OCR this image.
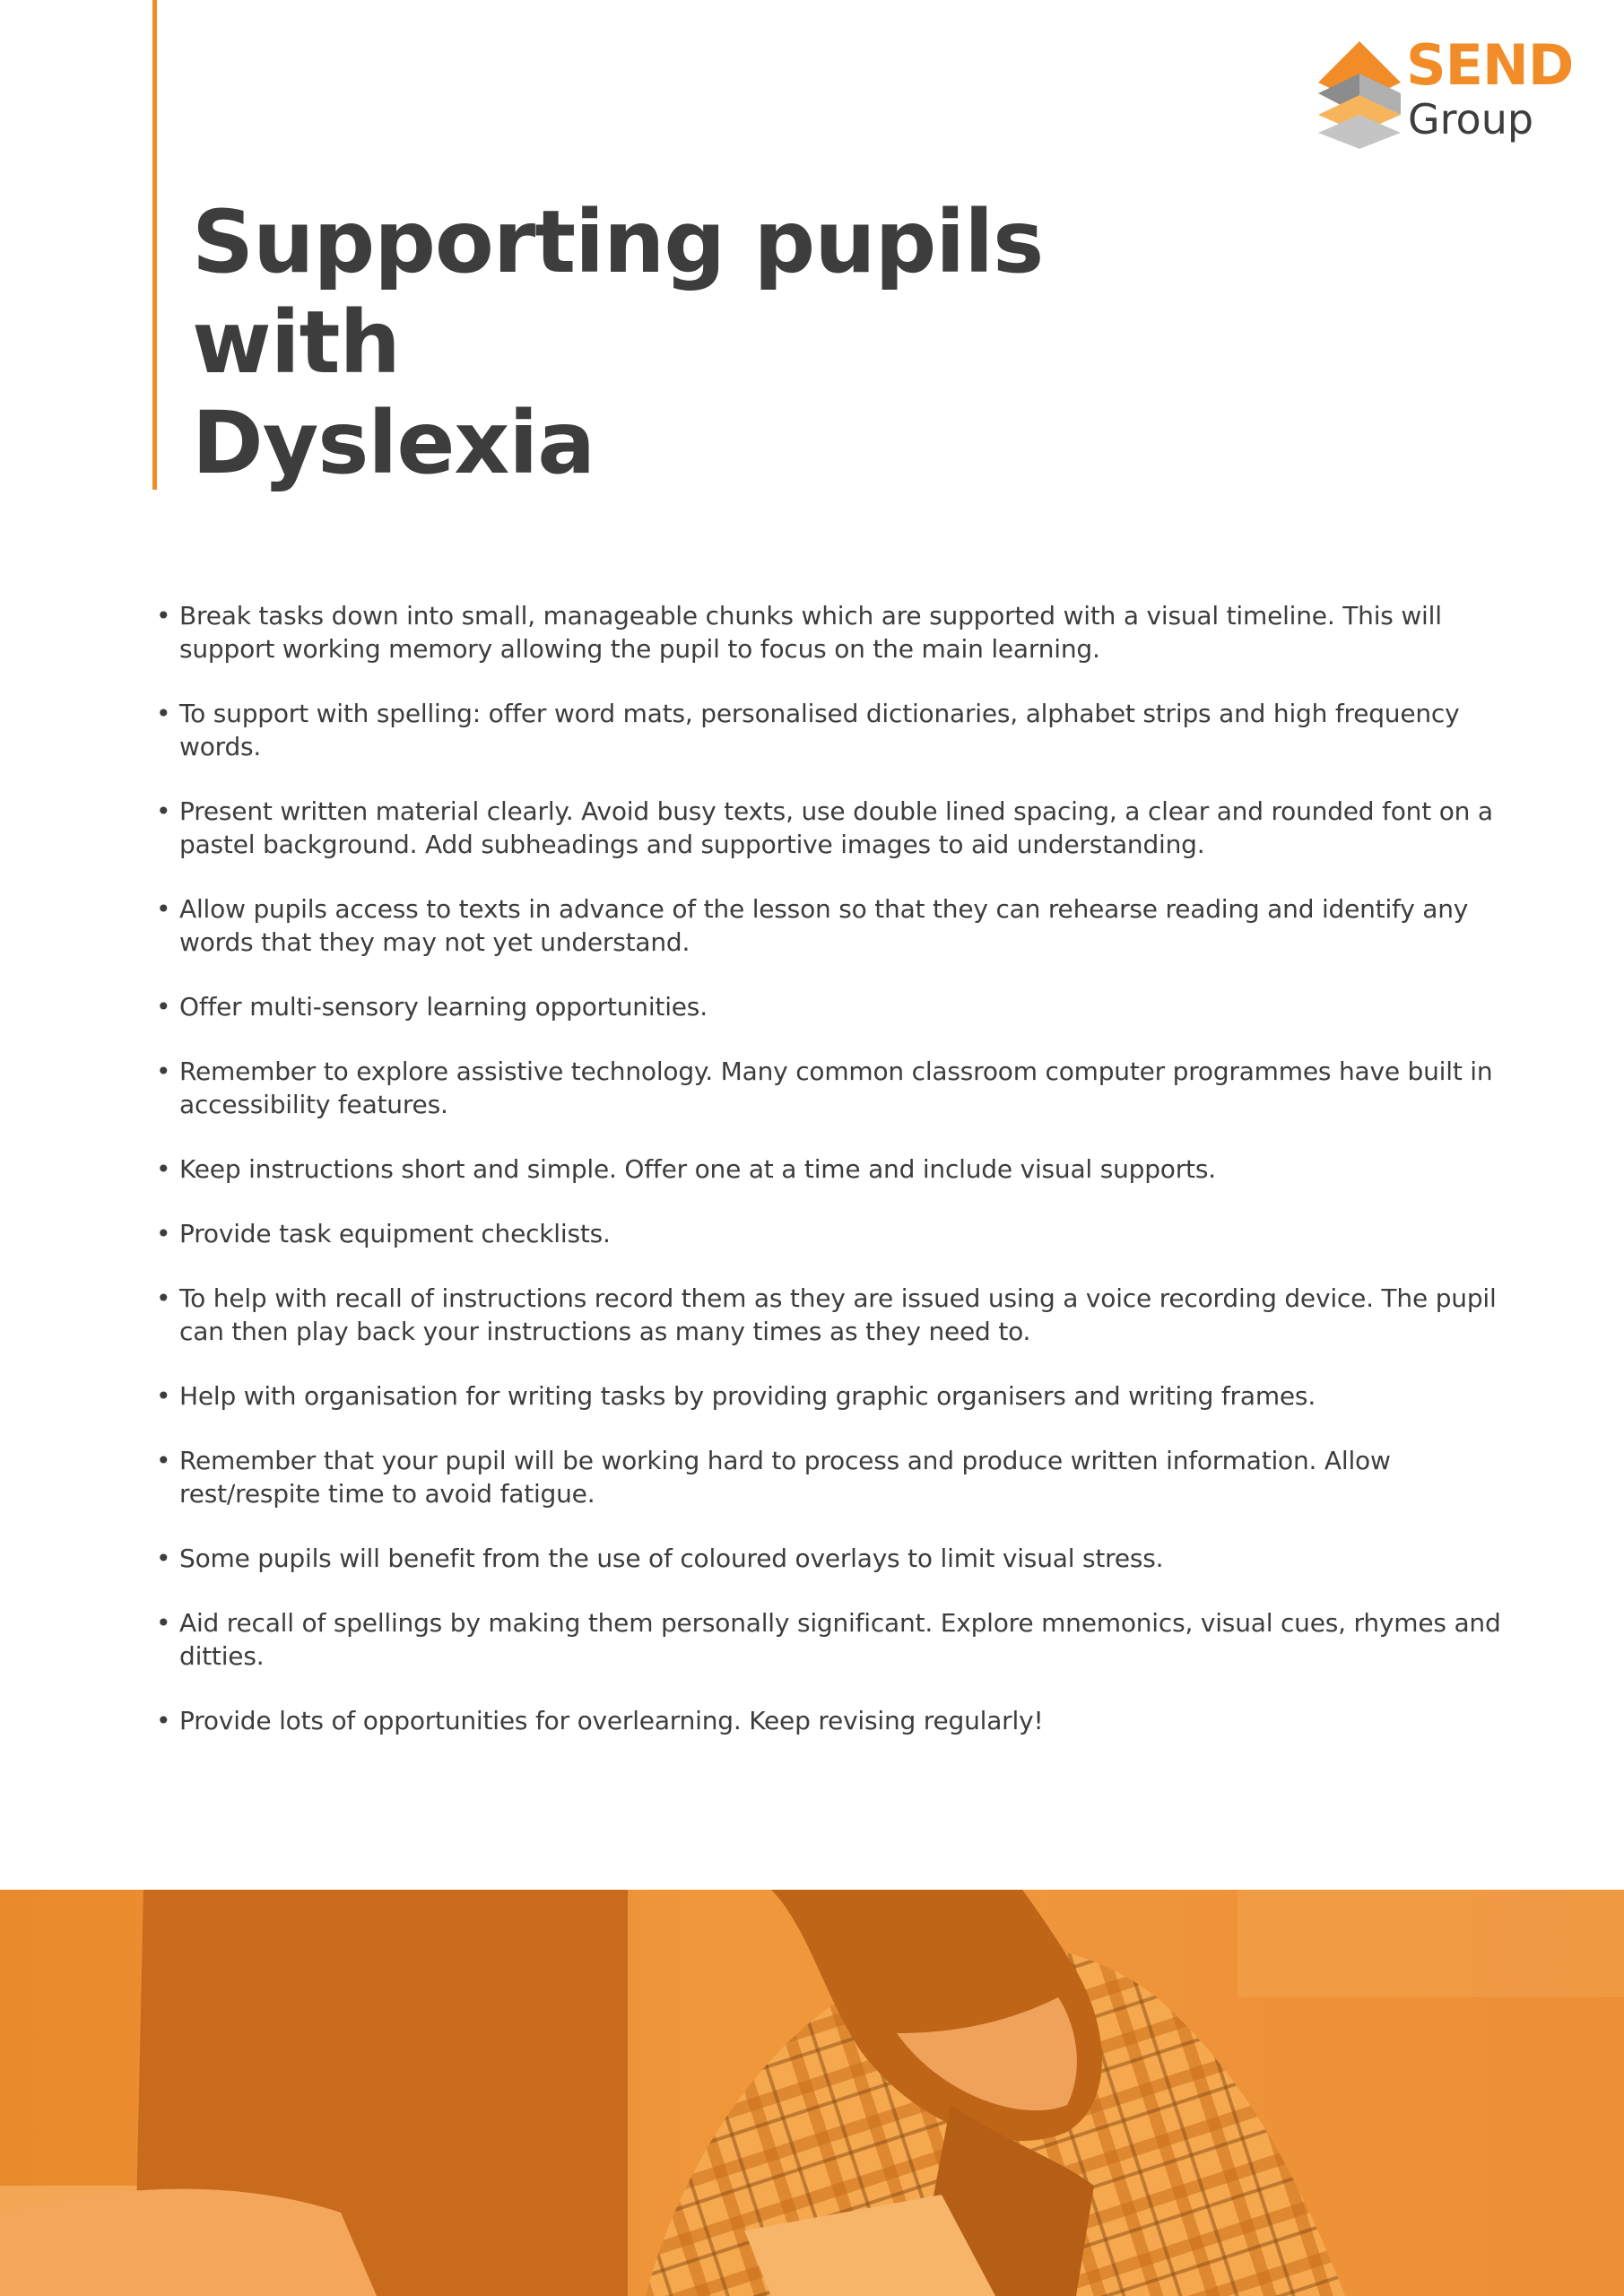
SEND
Group
Supporting pupils
with
Dyslexia
• Break tasks down into small, manageable chunks which are supported with a visual timeline. This will support working memory allowing the pupil to focus on the main learning.
• To support with spelling: offer word mats, personalised dictionaries, alphabet strips and high frequency words.
• Present written material clearly. Avoid busy texts, use double lined spacing, a clear and rounded font on a pastel background. Add subheadings and supportive images to aid understanding.
• Allow pupils access to texts in advance of the lesson so that they can rehearse reading and identify any words that they may not yet understand.
• Offer multi-sensory learning opportunities.
• Remember to explore assistive technology. Many common classroom computer programmes have built in accessibility features.
• Keep instructions short and simple. Offer one at a time and include visual supports.
• Provide task equipment checklists.
• To help with recall of instructions record them as they are issued using a voice recording device. The pupil can then play back your instructions as many times as they need to.
• Help with organisation for writing tasks by providing graphic organisers and writing frames.
• Remember that your pupil will be working hard to process and produce written information. Allow rest/respite time to avoid fatigue.
• Some pupils will benefit from the use of coloured overlays to limit visual stress.
• Aid recall of spellings by making them personally significant. Explore mnemonics, visual cues, rhymes and ditties.
• Provide lots of opportunities for overlearning. Keep revising regularly!
